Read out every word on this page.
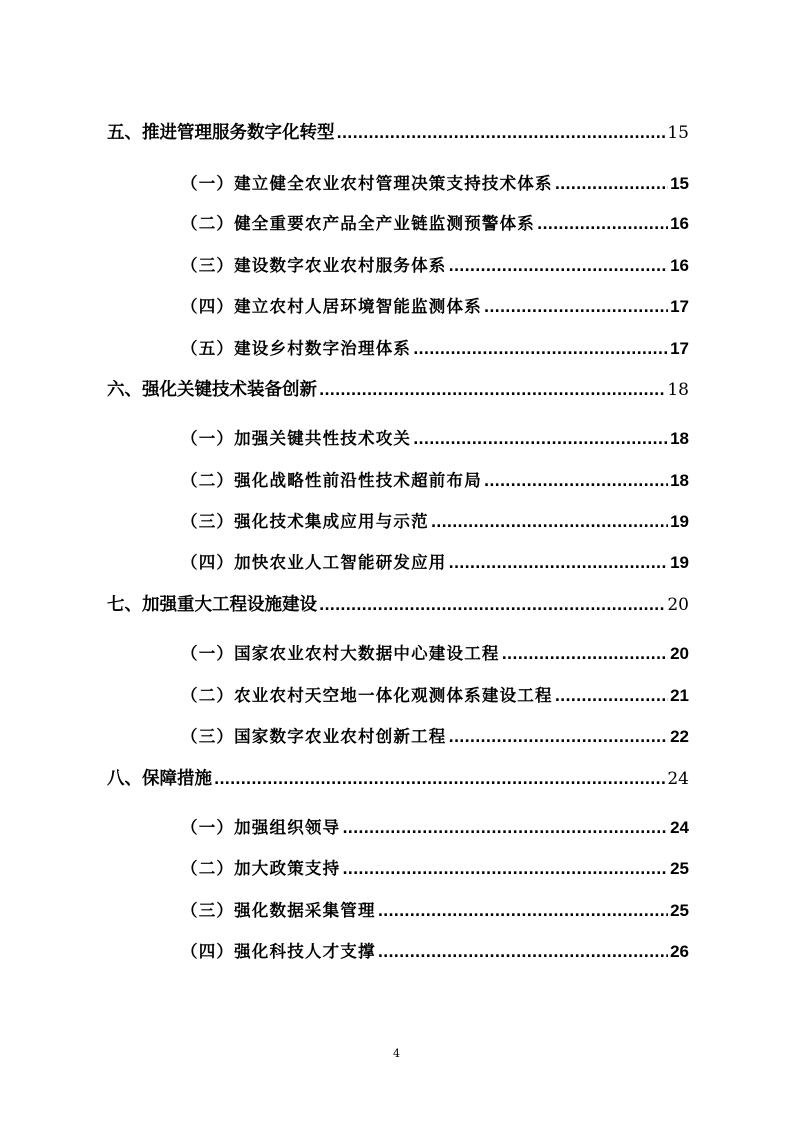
五、推进管理服务数字化转型 .....	15
（一）建立健全农业农村管理决策支持技术体系 .....	15
（二）健全重要农产品全产业链监测预警体系 .....	16
（三）建设数字农业农村服务体系 .....	16
（四）建立农村人居环境智能监测体系 .....	17
（五）建设乡村数字治理体系 .....	17
六、强化关键技术装备创新 .....	18
（一）加强关键共性技术攻关 .....	18
（二）强化战略性前沿性技术超前布局 .....	18
（三）强化技术集成应用与示范 .....	19
（四）加快农业人工智能研发应用 .....	19
七、加强重大工程设施建设 .....	20
（一）国家农业农村大数据中心建设工程 .....	20
（二）农业农村天空地一体化观测体系建设工程 .....	21
（三）国家数字农业农村创新工程 .....	22
八、保障措施 .....	24
（一）加强组织领导 .....	24
（二）加大政策支持 .....	25
（三）强化数据采集管理 .....	25
（四）强化科技人才支撑 .....	26
4
